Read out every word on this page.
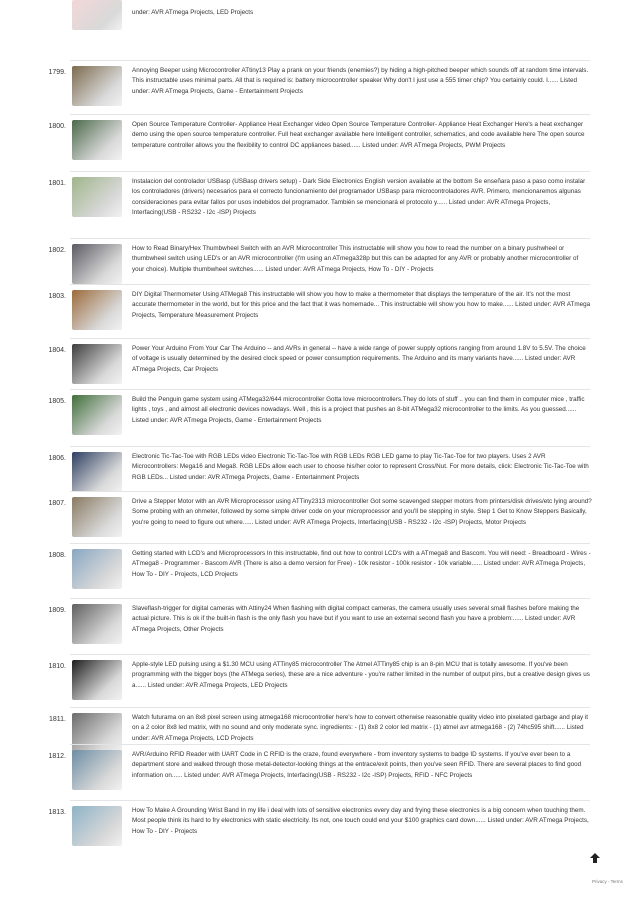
under: AVR ATmega Projects, LED Projects
1799.	Annoying Beeper using Microcontroller ATtiny13 Play a prank on your friends (enemies?) by hiding a high-pitched beeper which sounds off at random time intervals. This instructable uses minimal parts. All that is required is: battery microcontroller speaker Why don't I just use a 555 timer chip? You certainly could. I...... Listed under: AVR ATmega Projects, Game - Entertainment Projects
1800.	Open Source Temperature Controller- Appliance Heat Exchanger video Open Source Temperature Controller- Appliance Heat Exchanger Here's a heat exchanger demo using the open source temperature controller. Full heat exchanger available here Intelligent controller, schematics, and code available here The open source temperature controller allows you the flexibility to control DC appliances based...... Listed under: AVR ATmega Projects, PWM Projects
1801.	Instalacion del controlador USBasp (USBasp drivers setup) - Dark Side Electronics English version available at the bottom Se enseñara paso a paso como instalar los controladores (drivers) necesarios para el correcto funcionamiento del programador USBasp para microcontroladores AVR. Primero, mencionaremos algunas consideraciones para evitar fallos por usos indebidos del programador. También se mencionará el protocolo y...... Listed under: AVR ATmega Projects, Interfacing(USB - RS232 - I2c -ISP) Projects
1802.	How to Read Binary/Hex Thumbwheel Switch with an AVR Microcontroller This instructable will show you how to read the number on a binary pushwheel or thumbwheel switch using LED's or an AVR microcontroller (I'm using an ATmega328p but this can be adapted for any AVR or probably another microcontroller of your choice). Multiple thumbwheel switches...... Listed under: AVR ATmega Projects, How To - DIY - Projects
1803.	DIY Digital Thermometer Using ATMega8 This instructable will show you how to make a thermometer that displays the temperature of the air. It's not the most accurate thermometer in the world, but for this price and the fact that it was homemade... This instructable will show you how to make...... Listed under: AVR ATmega Projects, Temperature Measurement Projects
1804.	Power Your Arduino From Your Car The Arduino -- and AVRs in general -- have a wide range of power supply options ranging from around 1.8V to 5.5V. The choice of voltage is usually determined by the desired clock speed or power consumption requirements. The Arduino and its many variants have...... Listed under: AVR ATmega Projects, Car Projects
1805.	Build the Penguin game system using ATMega32/644 microcontroller Gotta love microcontrollers.They do lots of stuff .. you can find them in computer mice , traffic lights , toys , and almost all electronic devices nowadays. Well , this is a project that pushes an 8-bit ATMega32 microcontroller to the limits. As you guessed...... Listed under: AVR ATmega Projects, Game - Entertainment Projects
1806.	Electronic Tic-Tac-Toe with RGB LEDs video Electronic Tic-Tac-Toe with RGB LEDs RGB LED game to play Tic-Tac-Toe for two players. Uses 2 AVR Microcontrollers: Mega16 and Mega8. RGB LEDs allow each user to choose his/her color to represent Cross/Nut. For more details, click: Electronic Tic-Tac-Toe with RGB LEDs... Listed under: AVR ATmega Projects, Game - Entertainment Projects
1807.	Drive a Stepper Motor with an AVR Microprocessor using ATTiny2313 microcontroller Got some scavenged stepper motors from printers/disk drives/etc lying around? Some probing with an ohmeter, followed by some simple driver code on your microprocessor and you'll be stepping in style. Step 1 Get to Know Steppers Basically, you're going to need to figure out where...... Listed under: AVR ATmega Projects, Interfacing(USB - RS232 - I2c -ISP) Projects, Motor Projects
1808.	Getting started with LCD's and Microprocessors In this instructable, find out how to control LCD's with a ATmega8 and Bascom. You will need: - Breadboard - Wires - ATmega8 - Programmer - Bascom AVR (There is also a demo version for Free) - 10k resistor - 100k resistor - 10k variable...... Listed under: AVR ATmega Projects, How To - DIY - Projects, LCD Projects
1809.	Slaveflash-trigger for digital cameras with Attiny24 When flashing with digital compact cameras, the camera usually uses several small flashes before making the actual picture. This is ok if the built-in flash is the only flash you have but if you want to use an external second flash you have a problem:...... Listed under: AVR ATmega Projects, Other Projects
1810.	Apple-style LED pulsing using a $1.30 MCU using ATTiny85 microcontroller The Atmel ATTiny85 chip is an 8-pin MCU that is totally awesome. If you've been programming with the bigger boys (the ATMega series), these are a nice adventure - you're rather limited in the number of output pins, but a creative design gives us a...... Listed under: AVR ATmega Projects, LED Projects
1811.	Watch futurama on an 8x8 pixel screen using atmega168 microcontroller here's how to convert otherwise reasonable quality video into pixelated garbage and play it on a 2 color 8x8 led matrix, with no sound and only moderate sync. ingredients: - (1) 8x8 2 color led matrix - (1) atmel avr atmega168 - (2) 74hc595 shift...... Listed under: AVR ATmega Projects, LCD Projects
1812.	AVR/Arduino RFID Reader with UART Code in C RFID is the craze, found everywhere - from inventory systems to badge ID systems. If you've ever been to a department store and walked through those metal-detector-looking things at the entrace/exit points, then you've seen RFID. There are several places to find good information on...... Listed under: AVR ATmega Projects, Interfacing(USB - RS232 - I2c -ISP) Projects, RFID - NFC Projects
1813.	How To Make A Grounding Wrist Band In my life i deal with lots of sensitive electronics every day and frying these electronics is a big concern when touching them. Most people think its hard to fry electronics with static electricity. Its not, one touch could end your $100 graphics card down...... Listed under: AVR ATmega Projects, How To - DIY - Projects
Privacy - Terms
